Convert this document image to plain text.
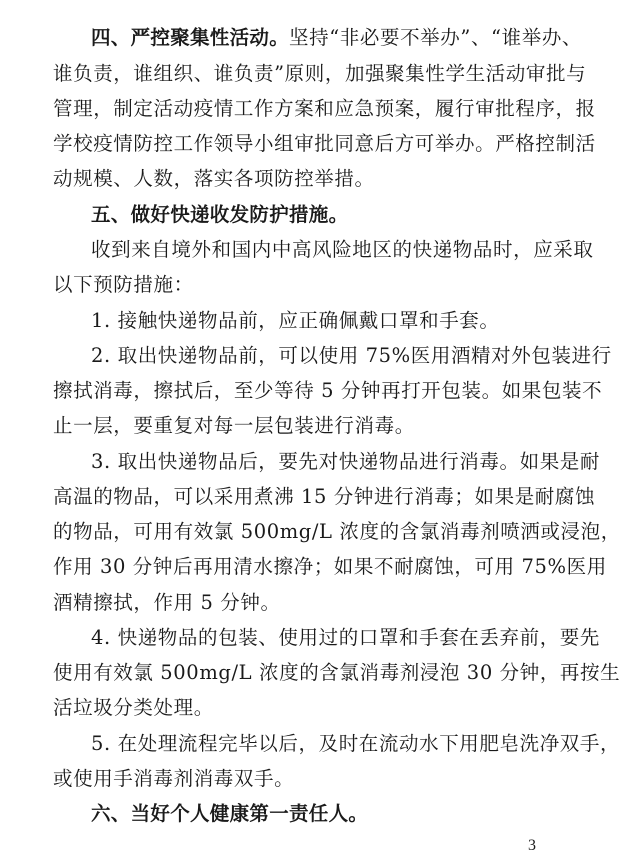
四、严控聚集性活动。坚持“非必要不举办”、“谁举办、
谁负责，谁组织、谁负责”原则，加强聚集性学生活动审批与
管理，制定活动疫情工作方案和应急预案，履行审批程序，报
学校疫情防控工作领导小组审批同意后方可举办。严格控制活
动规模、人数，落实各项防控举措。
五、做好快递收发防护措施。
收到来自境外和国内中高风险地区的快递物品时，应采取
以下预防措施：
1. 接触快递物品前，应正确佩戴口罩和手套。
2. 取出快递物品前，可以使用 75%医用酒精对外包装进行
擦拭消毒，擦拭后，至少等待 5 分钟再打开包装。如果包装不
止一层，要重复对每一层包装进行消毒。
3. 取出快递物品后，要先对快递物品进行消毒。如果是耐
高温的物品，可以采用煮沸 15 分钟进行消毒；如果是耐腐蚀
的物品，可用有效氯 500mg/L 浓度的含氯消毒剂喷洒或浸泡，
作用 30 分钟后再用清水擦净；如果不耐腐蚀，可用 75%医用
酒精擦拭，作用 5 分钟。
4. 快递物品的包装、使用过的口罩和手套在丢弃前，要先
使用有效氯 500mg/L 浓度的含氯消毒剂浸泡 30 分钟，再按生
活垃圾分类处理。
5. 在处理流程完毕以后，及时在流动水下用肥皂洗净双手，
或使用手消毒剂消毒双手。
六、当好个人健康第一责任人。
3
